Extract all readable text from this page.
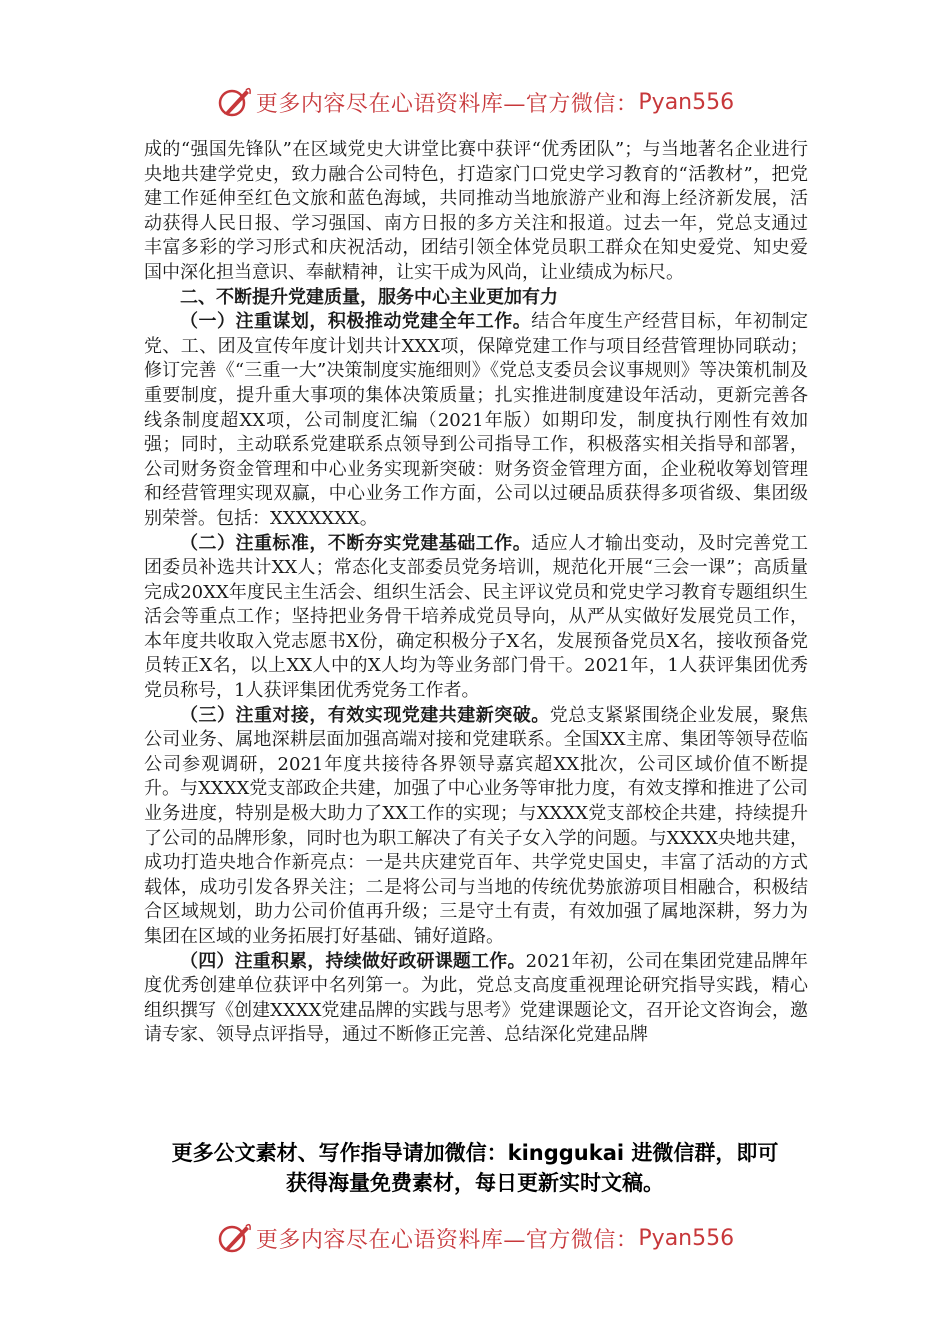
更多内容尽在心语资料库—官方微信： Pyan556

成的“强国先锋队”在区域党史大讲堂比赛中获评“优秀团队”；与当地著名企业进行央地共建学党史，致力融合公司特色，打造家门口党史学习教育的“活教材”，把党建工作延伸至红色文旅和蓝色海域，共同推动当地旅游产业和海上经济新发展，活动获得人民日报、学习强国、南方日报的多方关注和报道。过去一年，党总支通过丰富多彩的学习形式和庆祝活动，团结引领全体党员职工群众在知史爱党、知史爱国中深化担当意识、奉献精神，让实干成为风尚，让业绩成为标尺。

二、不断提升党建质量，服务中心主业更加有力

（一）注重谋划，积极推动党建全年工作。结合年度生产经营目标，年初制定党、工、团及宣传年度计划共计XXX项，保障党建工作与项目经营管理协同联动；修订完善《“三重一大”决策制度实施细则》《党总支委员会议事规则》等决策机制及重要制度，提升重大事项的集体决策质量；扎实推进制度建设年活动，更新完善各线条制度超XX项，公司制度汇编（2021年版）如期印发，制度执行刚性有效加强；同时，主动联系党建联系点领导到公司指导工作，积极落实相关指导和部署，公司财务资金管理和中心业务实现新突破：财务资金管理方面，企业税收筹划管理和经营管理实现双赢，中心业务工作方面，公司以过硬品质获得多项省级、集团级别荣誉。包括：XXXXXXX。

（二）注重标准，不断夯实党建基础工作。适应人才输出变动，及时完善党工团委员补选共计XX人；常态化支部委员党务培训，规范化开展“三会一课”；高质量完成20XX年度民主生活会、组织生活会、民主评议党员和党史学习教育专题组织生活会等重点工作；坚持把业务骨干培养成党员导向，从严从实做好发展党员工作，本年度共收取入党志愿书X份，确定积极分子X名，发展预备党员X名，接收预备党员转正X名，以上XX人中的X人均为等业务部门骨干。2021年，1人获评集团优秀党员称号，1人获评集团优秀党务工作者。

（三）注重对接，有效实现党建共建新突破。党总支紧紧围绕企业发展，聚焦公司业务、属地深耕层面加强高端对接和党建联系。全国XX主席、集团等领导莅临公司参观调研，2021年度共接待各界领导嘉宾超XX批次，公司区域价值不断提升。与XXXX党支部政企共建，加强了中心业务等审批力度，有效支撑和推进了公司业务进度，特别是极大助力了XX工作的实现；与XXXX党支部校企共建，持续提升了公司的品牌形象，同时也为职工解决了有关子女入学的问题。与XXXX央地共建，成功打造央地合作新亮点：一是共庆建党百年、共学党史国史，丰富了活动的方式载体，成功引发各界关注；二是将公司与当地的传统优势旅游项目相融合，积极结合区域规划，助力公司价值再升级；三是守土有责，有效加强了属地深耕，努力为集团在区域的业务拓展打好基础、铺好道路。

（四）注重积累，持续做好政研课题工作。2021年初，公司在集团党建品牌年度优秀创建单位获评中名列第一。为此，党总支高度重视理论研究指导实践，精心组织撰写《创建XXXX党建品牌的实践与思考》党建课题论文，召开论文咨询会，邀请专家、领导点评指导，通过不断修正完善、总结深化党建品牌

更多公文素材、写作指导请加微信：kinggukai 进微信群，即可
获得海量免费素材，每日更新实时文稿。
更多内容尽在心语资料库—官方微信： Pyan556
